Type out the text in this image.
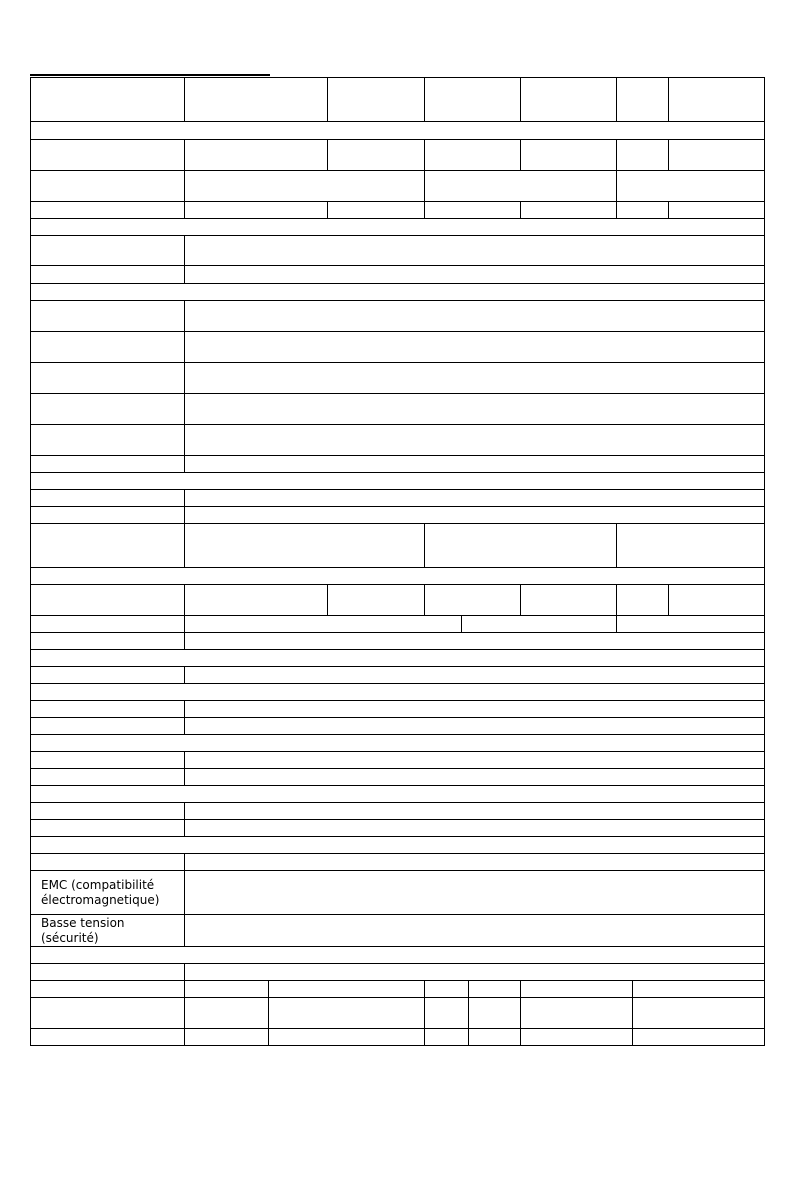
EMC (compatibilité électromagnetique)										
Basse tension (sécurité)										
